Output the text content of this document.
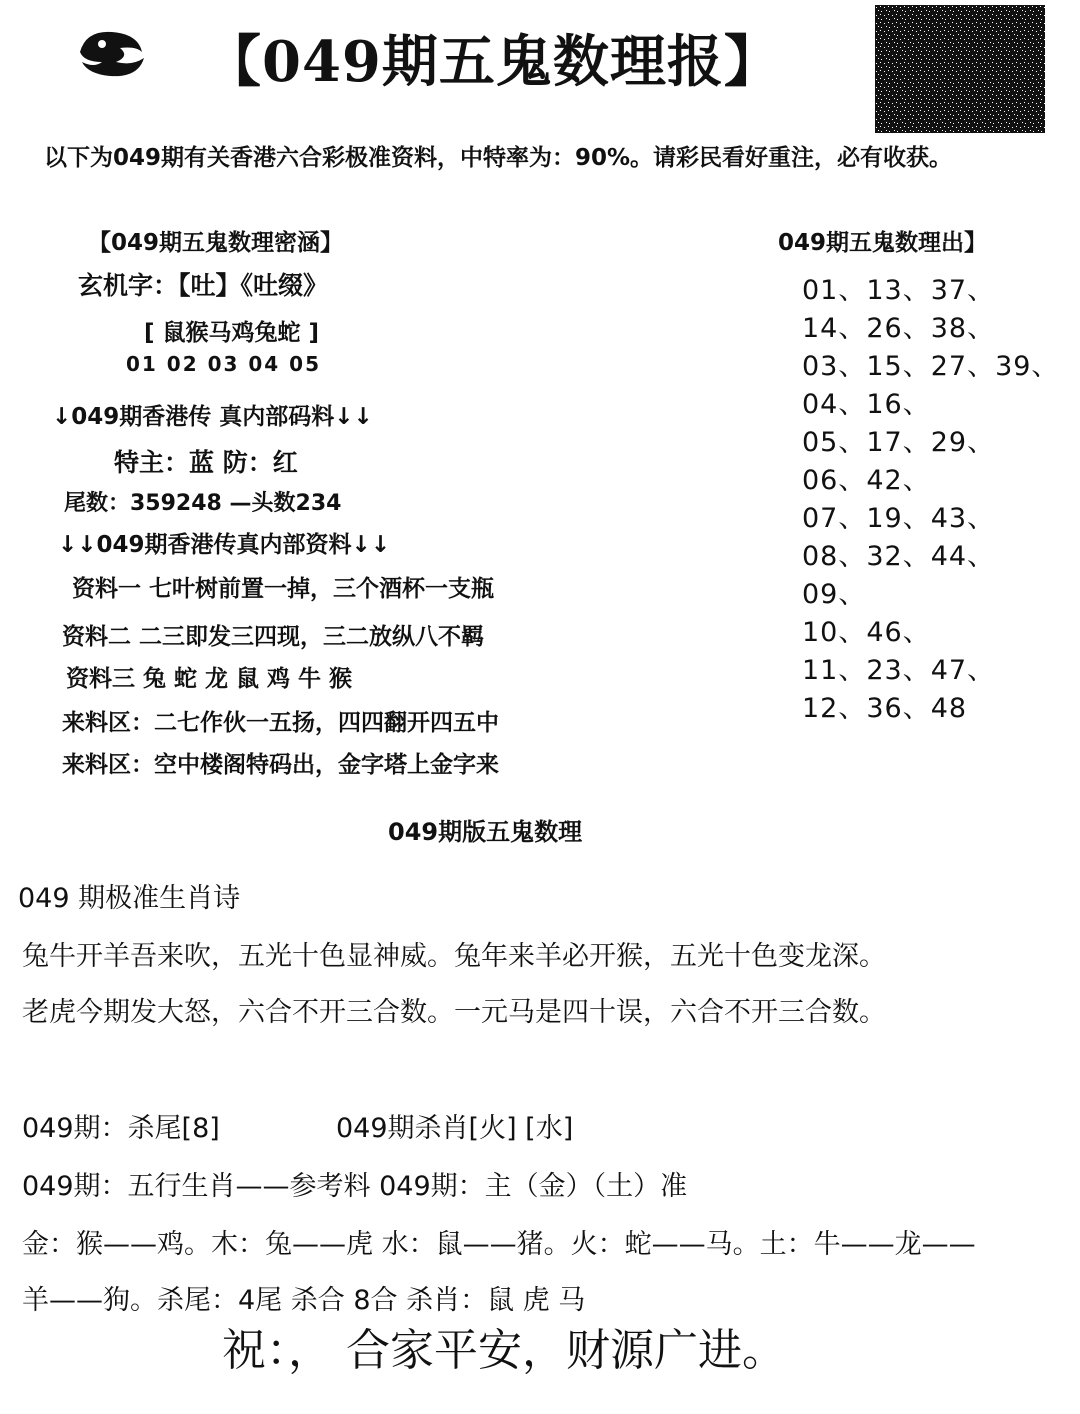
【049期五鬼数理报】
以下为049期有关香港六合彩极准资料，中特率为：90%。请彩民看好重注，必有收获。
【049期五鬼数理密涵】
玄机字：【吐】《吐缀》
[ 鼠猴马鸡兔蛇 ]
01 02 03 04 05
↓049期香港传 真内部码料↓↓
特主：蓝 防：红
尾数：359248 —头数234
↓↓049期香港传真内部资料↓↓
资料一 七叶树前置一掉，三个酒杯一支瓶
资料二 二三即发三四现，三二放纵八不羁
资料三 兔 蛇 龙 鼠 鸡 牛 猴
来料区：二七作伙一五扬，四四翻开四五中
来料区：空中楼阁特码出，金字塔上金字来
049期五鬼数理出】
01、13、37、
14、26、38、
03、15、27、39、
04、16、
05、17、29、
06、42、
07、19、43、
08、32、44、
09、
10、46、
11、23、47、
12、36、48
049期版五鬼数理
049 期极准生肖诗
兔牛开羊吾来吹，五光十色显神威。兔年来羊必开猴，五光十色变龙深。
老虎今期发大怒，六合不开三合数。一元马是四十误，六合不开三合数。
049期：杀尾[8]	049期杀肖[火] [水]
049期：五行生肖——参考料 049期：主（金）（土）准
金：猴——鸡。木：兔——虎 水：鼠——猪。火：蛇——马。土：牛——龙——
羊——狗。杀尾：4尾 杀合 8合 杀肖：鼠 虎 马
祝：， 合家平安，财源广进。
